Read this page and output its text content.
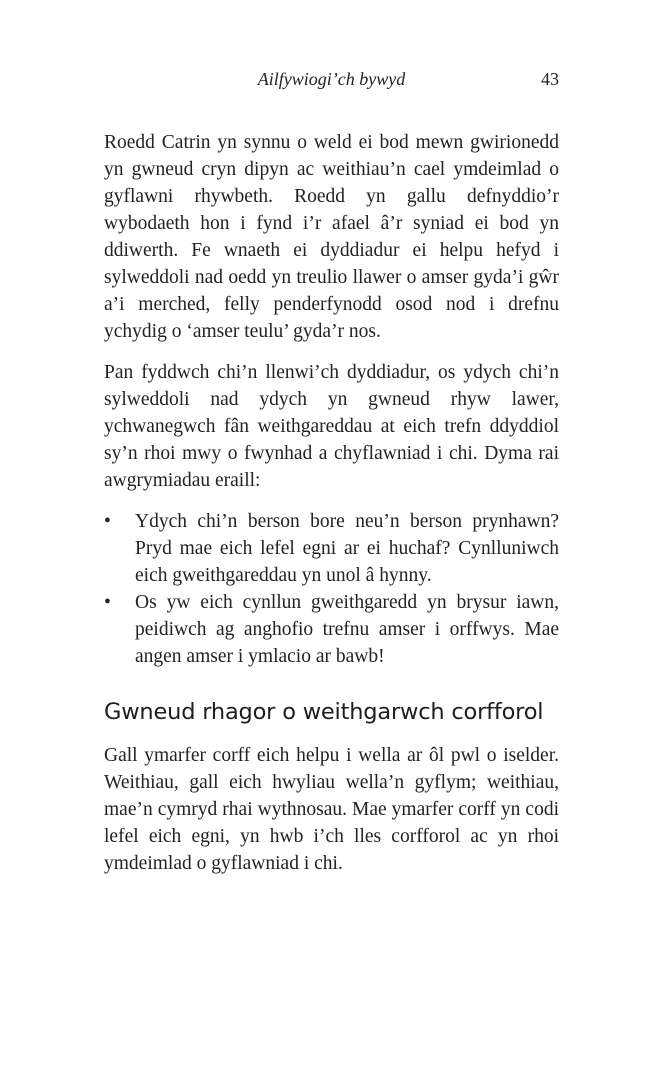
Ailfywiogi’ch bywyd	43

Roedd Catrin yn synnu o weld ei bod mewn gwirionedd yn gwneud cryn dipyn ac weithiau’n cael ymdeimlad o gyflawni rhywbeth. Roedd yn gallu defnyddio’r wybodaeth hon i fynd i’r afael â’r syniad ei bod yn ddiwerth. Fe wnaeth ei dyddiadur ei helpu hefyd i sylweddoli nad oedd yn treulio llawer o amser gyda’i gŵr a’i merched, felly penderfynodd osod nod i drefnu ychydig o ‘amser teulu’ gyda’r nos.

Pan fyddwch chi’n llenwi’ch dyddiadur, os ydych chi’n sylweddoli nad ydych yn gwneud rhyw lawer, ychwanegwch fân weithgareddau at eich trefn ddyddiol sy’n rhoi mwy o fwynhad a chyflawniad i chi. Dyma rai awgrymiadau eraill:

•	Ydych chi’n berson bore neu’n berson prynhawn? Pryd mae eich lefel egni ar ei huchaf? Cynlluniwch eich gweithgareddau yn unol â hynny.
•	Os yw eich cynllun gweithgaredd yn brysur iawn, peidiwch ag anghofio trefnu amser i orffwys. Mae angen amser i ymlacio ar bawb!
Gwneud rhagor o weithgarwch corfforol

Gall ymarfer corff eich helpu i wella ar ôl pwl o iselder. Weithiau, gall eich hwyliau wella’n gyflym; weithiau, mae’n cymryd rhai wythnosau. Mae ymarfer corff yn codi lefel eich egni, yn hwb i’ch lles corfforol ac yn rhoi ymdeimlad o gyflawniad i chi.
